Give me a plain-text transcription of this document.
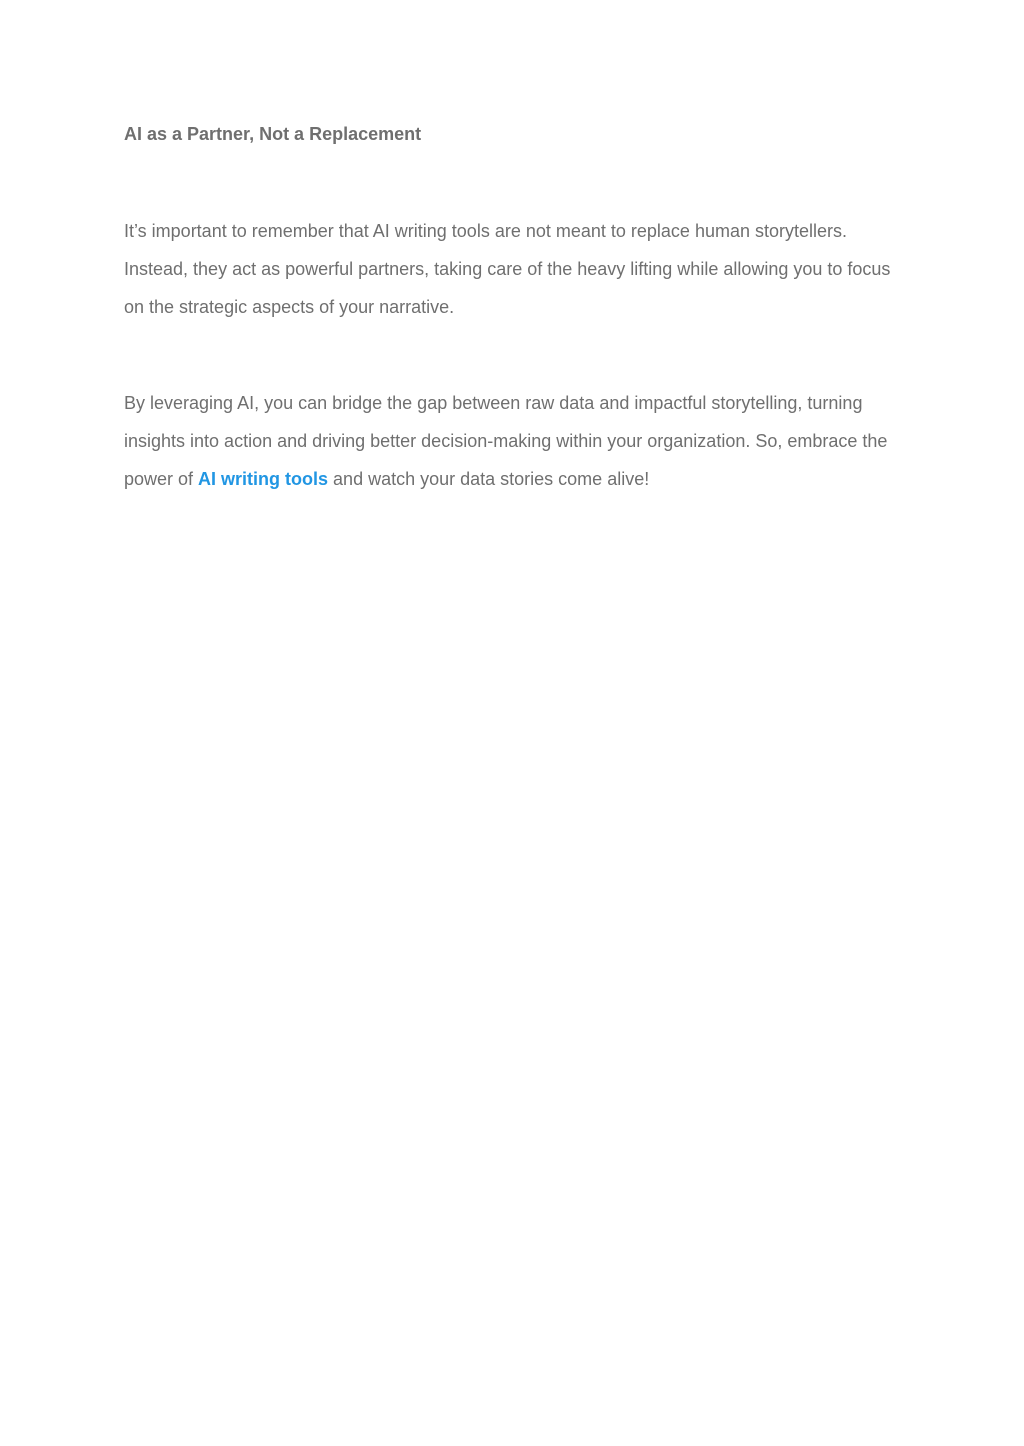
AI as a Partner, Not a Replacement

It’s important to remember that AI writing tools are not meant to replace human storytellers. Instead, they act as powerful partners, taking care of the heavy lifting while allowing you to focus on the strategic aspects of your narrative.

By leveraging AI, you can bridge the gap between raw data and impactful storytelling, turning insights into action and driving better decision-making within your organization. So, embrace the power of AI writing tools and watch your data stories come alive!
